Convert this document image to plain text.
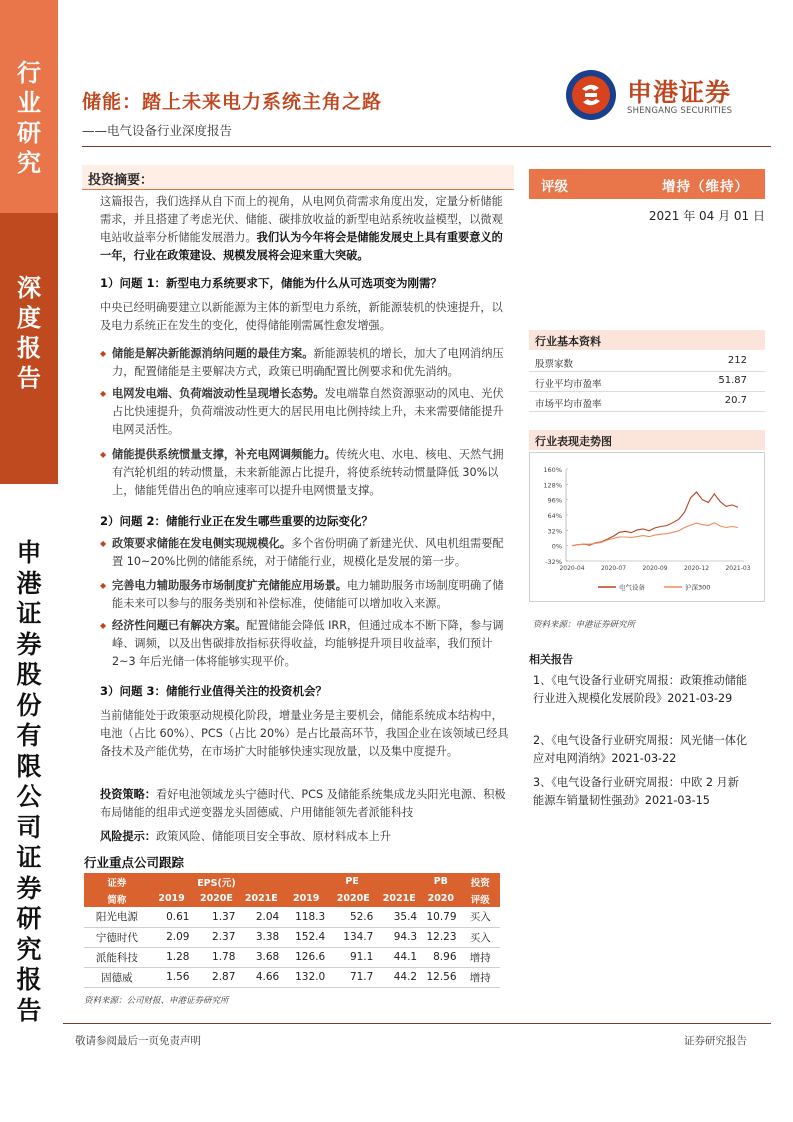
行
业
研
究
深
度
报
告
申
港
证
券
股
份
有
限
公
司
证
券
研
究
报
告
储能：踏上未来电力系统主角之路
——电气设备行业深度报告
申港证券
SHENGANG SECURITIES
投资摘要：
这篇报告，我们选择从自下而上的视角，从电网负荷需求角度出发，定量分析储能需求，并且搭建了考虑光伏、储能、碳排放收益的新型电站系统收益模型，以微观电站收益率分析储能发展潜力。我们认为今年将会是储能发展史上具有重要意义的一年，行业在政策建设、规模发展将会迎来重大突破。
1）问题 1：新型电力系统要求下，储能为什么从可选项变为刚需？
中央已经明确要建立以新能源为主体的新型电力系统，新能源装机的快速提升，以及电力系统正在发生的变化，使得储能刚需属性愈发增强。
◆ 储能是解决新能源消纳问题的最佳方案。新能源装机的增长，加大了电网消纳压力，配置储能是主要解决方式，政策已明确配置比例要求和优先消纳。
◆ 电网发电端、负荷端波动性呈现增长态势。发电端靠自然资源驱动的风电、光伏占比快速提升，负荷端波动性更大的居民用电比例持续上升，未来需要储能提升电网灵活性。
◆ 储能提供系统惯量支撑，补充电网调频能力。传统火电、水电、核电、天然气拥有汽轮机组的转动惯量，未来新能源占比提升，将使系统转动惯量降低 30%以上，储能凭借出色的响应速率可以提升电网惯量支撑。
2）问题 2：储能行业正在发生哪些重要的边际变化？
◆ 政策要求储能在发电侧实现规模化。多个省份明确了新建光伏、风电机组需要配置 10~20%比例的储能系统，对于储能行业，规模化是发展的第一步。
◆ 完善电力辅助服务市场制度扩充储能应用场景。电力辅助服务市场制度明确了储能未来可以参与的服务类别和补偿标准，使储能可以增加收入来源。
◆ 经济性问题已有解决方案。配置储能会降低 IRR，但通过成本不断下降，参与调峰、调频，以及出售碳排放指标获得收益，均能够提升项目收益率，我们预计 2~3 年后光储一体将能够实现平价。
3）问题 3：储能行业值得关注的投资机会？
当前储能处于政策驱动规模化阶段，增量业务是主要机会，储能系统成本结构中，电池（占比 60%）、PCS（占比 20%）是占比最高环节，我国企业在该领域已经具备技术及产能优势，在市场扩大时能够快速实现放量，以及集中度提升。
投资策略：看好电池领域龙头宁德时代、PCS 及储能系统集成龙头阳光电源、积极布局储能的组串式逆变器龙头固德威、户用储能领先者派能科技
风险提示：政策风险、储能项目安全事故、原材料成本上升
评级	增持（维持）
2021 年 04 月 01 日
行业基本资料
股票家数	212
行业平均市盈率	51.87
市场平均市盈率	20.7
行业表现走势图
160%
128%
96%
64%
32%
0%
-32%
2020-04	2020-07	2020-09	2020-12	2021-03
电气设备	沪深300
资料来源：申港证券研究所
相关报告
1、《电气设备行业研究周报：政策推动储能行业进入规模化发展阶段》2021-03-29
2、《电气设备行业研究周报：风光储一体化应对电网消纳》2021-03-22
3、《电气设备行业研究周报：中欧 2 月新能源车销量韧性强劲》2021-03-15
行业重点公司跟踪
证券	EPS(元)			PE			PB	投资
简称	2019	2020E	2021E	2019	2020E	2021E	2020	评级
阳光电源	0.61	1.37	2.04	118.3	52.6	35.4	10.79	买入
宁德时代	2.09	2.37	3.38	152.4	134.7	94.3	12.23	买入
派能科技	1.28	1.78	3.68	126.6	91.1	44.1	8.96	增持
固德威	1.56	2.87	4.66	132.0	71.7	44.2	12.56	增持
资料来源：公司财报、申港证券研究所
敬请参阅最后一页免责声明	证券研究报告
